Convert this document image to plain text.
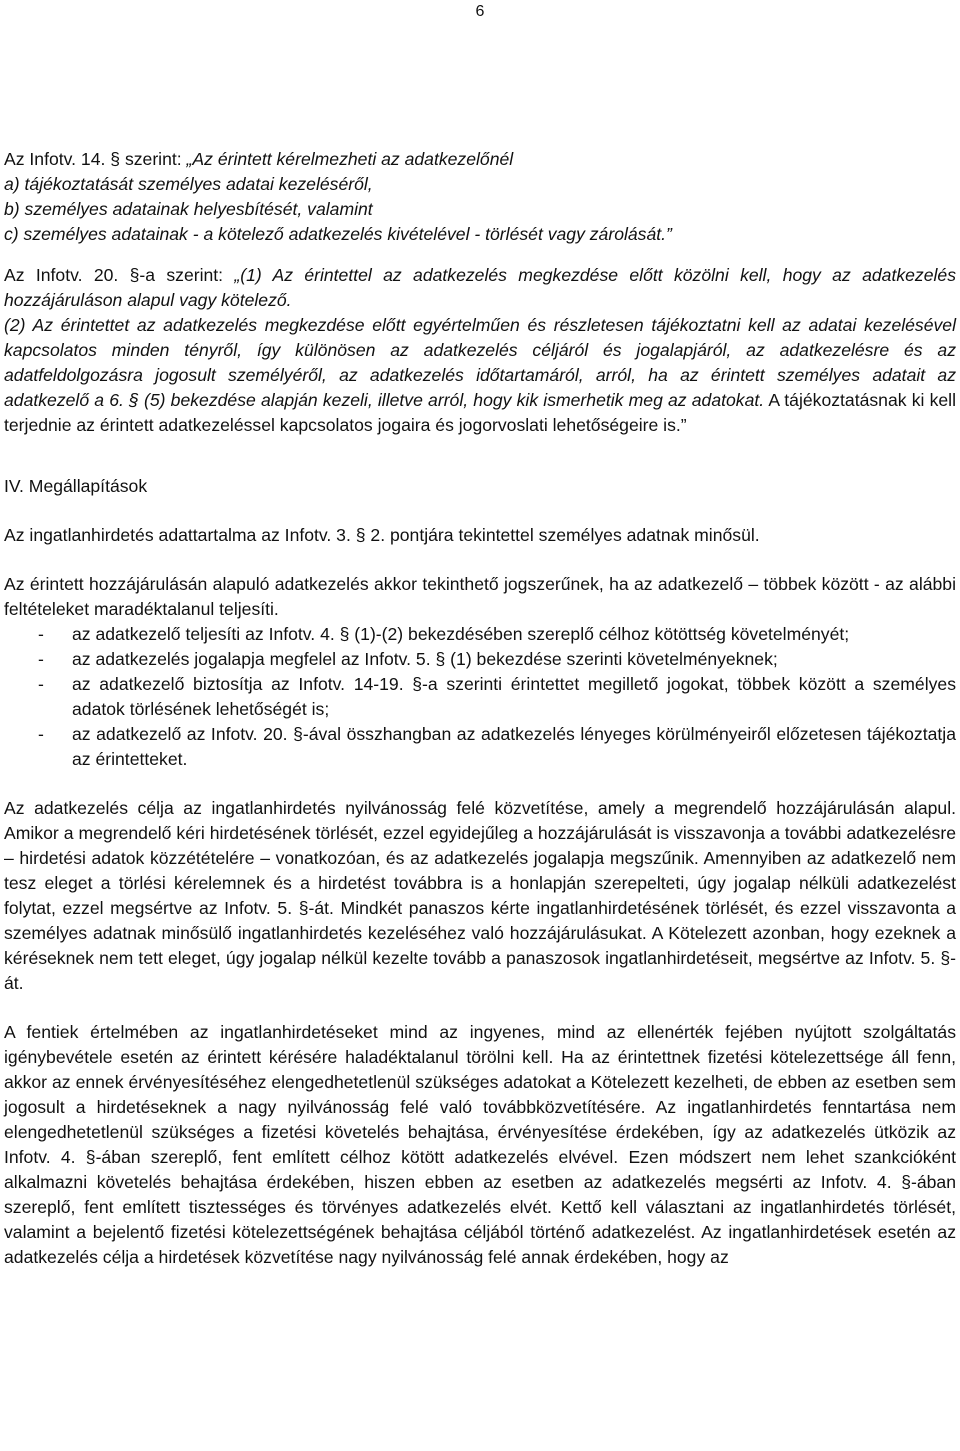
6

Az Infotv. 14. § szerint: „Az érintett kérelmezheti az adatkezelőnél

a) tájékoztatását személyes adatai kezeléséről,

b) személyes adatainak helyesbítését, valamint

c) személyes adatainak - a kötelező adatkezelés kivételével - törlését vagy zárolását.”

Az Infotv. 20. §-a szerint: „(1) Az érintettel az adatkezelés megkezdése előtt közölni kell, hogy az adatkezelés hozzájáruláson alapul vagy kötelező.

(2) Az érintettet az adatkezelés megkezdése előtt egyértelműen és részletesen tájékoztatni kell az adatai kezelésével kapcsolatos minden tényről, így különösen az adatkezelés céljáról és jogalapjáról, az adatkezelésre és az adatfeldolgozásra jogosult személyéről, az adatkezelés időtartamáról, arról, ha az érintett személyes adatait az adatkezelő a 6. § (5) bekezdése alapján kezeli, illetve arról, hogy kik ismerhetik meg az adatokat. A tájékoztatásnak ki kell terjednie az érintett adatkezeléssel kapcsolatos jogaira és jogorvoslati lehetőségeire is.”

IV. Megállapítások

Az ingatlanhirdetés adattartalma az Infotv. 3. § 2. pontjára tekintettel személyes adatnak minősül.

Az érintett hozzájárulásán alapuló adatkezelés akkor tekinthető jogszerűnek, ha az adatkezelő – többek között - az alábbi feltételeket maradéktalanul teljesíti.

- az adatkezelő teljesíti az Infotv. 4. § (1)-(2) bekezdésében szereplő célhoz kötöttség követelményét;
- az adatkezelés jogalapja megfelel az Infotv. 5. § (1) bekezdése szerinti követelményeknek;
- az adatkezelő biztosítja az Infotv. 14-19. §-a szerinti érintettet megillető jogokat, többek között a személyes adatok törlésének lehetőségét is;
- az adatkezelő az Infotv. 20. §-ával összhangban az adatkezelés lényeges körülményeiről előzetesen tájékoztatja az érintetteket.

Az adatkezelés célja az ingatlanhirdetés nyilvánosság felé közvetítése, amely a megrendelő hozzájárulásán alapul. Amikor a megrendelő kéri hirdetésének törlését, ezzel egyidejűleg a hozzájárulását is visszavonja a további adatkezelésre – hirdetési adatok közzétételére – vonatkozóan, és az adatkezelés jogalapja megszűnik. Amennyiben az adatkezelő nem tesz eleget a törlési kérelemnek és a hirdetést továbbra is a honlapján szerepelteti, úgy jogalap nélküli adatkezelést folytat, ezzel megsértve az Infotv. 5. §-át. Mindkét panaszos kérte ingatlanhirdetésének törlését, és ezzel visszavonta a személyes adatnak minősülő ingatlanhirdetés kezeléséhez való hozzájárulásukat. A Kötelezett azonban, hogy ezeknek a kéréseknek nem tett eleget, úgy jogalap nélkül kezelte tovább a panaszosok ingatlanhirdetéseit, megsértve az Infotv. 5. §- át.

A fentiek értelmében az ingatlanhirdetéseket mind az ingyenes, mind az ellenérték fejében nyújtott szolgáltatás igénybevétele esetén az érintett kérésére haladéktalanul törölni kell. Ha az érintettnek fizetési kötelezettsége áll fenn, akkor az ennek érvényesítéséhez elengedhetetlenül szükséges adatokat a Kötelezett kezelheti, de ebben az esetben sem jogosult a hirdetéseknek a nagy nyilvánosság felé való továbbközvetítésére. Az ingatlanhirdetés fenntartása nem elengedhetetlenül szükséges a fizetési követelés behajtása, érvényesítése érdekében, így az adatkezelés ütközik az Infotv. 4. §-ában szereplő, fent említett célhoz kötött adatkezelés elvével. Ezen módszert nem lehet szankcióként alkalmazni követelés behajtása érdekében, hiszen ebben az esetben az adatkezelés megsérti az Infotv. 4. §-ában szereplő, fent említett tisztességes és törvényes adatkezelés elvét. Kettő kell választani az ingatlanhirdetés törlését, valamint a bejelentő fizetési kötelezettségének behajtása céljából történő adatkezelést. Az ingatlanhirdetések esetén az adatkezelés célja a hirdetések közvetítése nagy nyilvánosság felé annak érdekében, hogy az
